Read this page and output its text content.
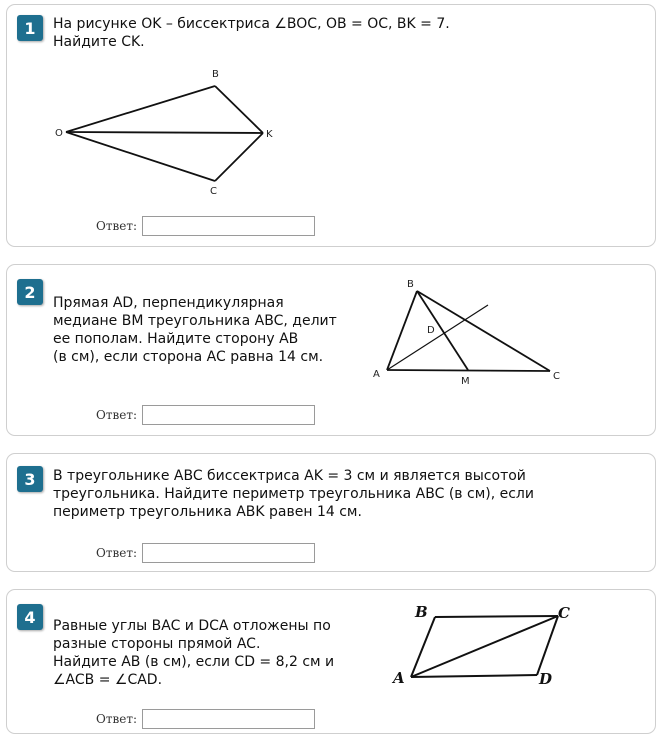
1	На рисунке OK – биссектриса ∠BOC, OB = OC, BK = 7.
Найдите CK.
O
B
K
C
Ответ:
2
Прямая AD, перпендикулярная
медиане BM треугольника ABC, делит
ее пополам. Найдите сторону AB
(в см), если сторона AC равна 14 см.
A
B
C
D
M
Ответ:
3	В треугольнике ABC биссектриса AK = 3 см и является высотой
треугольника. Найдите периметр треугольника ABC (в см), если
периметр треугольника ABK равен 14 см.
Ответ:
4	Равные углы BAC и DCA отложены по
разные стороны прямой AC.
Найдите AB (в см), если CD = 8,2 см и
∠ACB = ∠CAD.	A
B	C
D
Ответ:
